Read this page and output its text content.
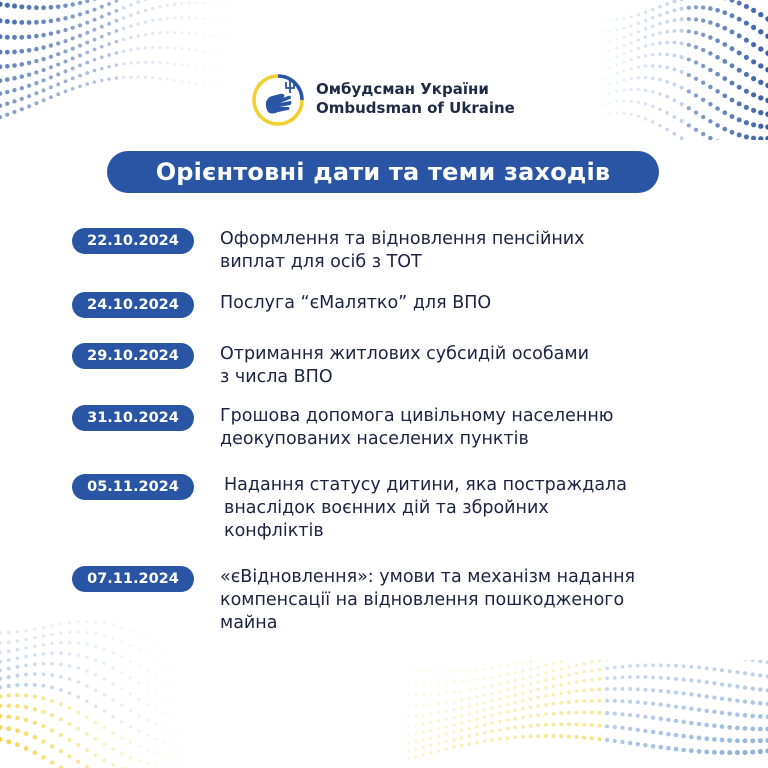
Омбудсман України
Ombudsman of Ukraine
Орієнтовні дати та теми заходів
22.10.2024	Оформлення та відновлення пенсійних
виплат для осіб з ТОТ
24.10.2024	Послуга “єМалятко” для ВПО
29.10.2024	Отримання житлових субсидій особами
з числа ВПО
31.10.2024	Грошова допомога цивільному населенню
деокупованих населених пунктів
05.11.2024	Надання статусу дитини, яка постраждала
внаслідок воєнних дій та збройних
конфліктів
07.11.2024	«єВідновлення»: умови та механізм надання
компенсації на відновлення пошкодженого
майна
